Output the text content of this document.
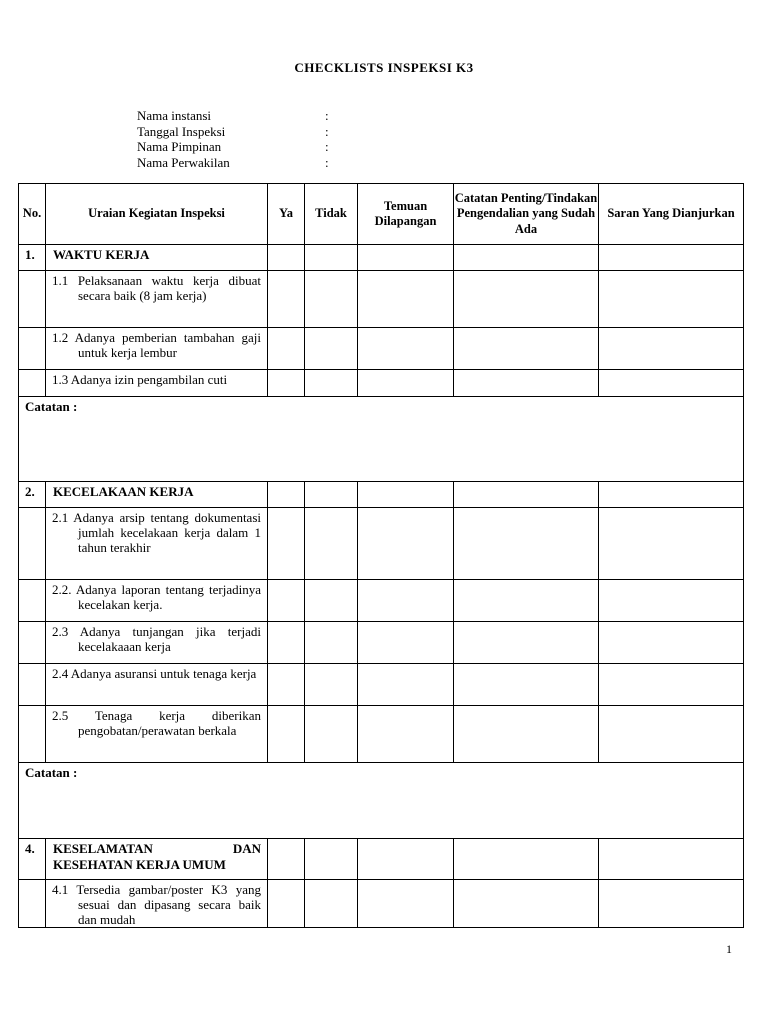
CHECKLISTS INSPEKSI K3
Nama instansi	:
Tanggal Inspeksi	:
Nama Pimpinan	:
Nama Perwakilan	:
No.	Uraian Kegiatan Inspeksi	Ya	Tidak	Temuan Dilapangan	Catatan Penting/Tindakan Pengendalian yang Sudah Ada	Saran Yang Dianjurkan
1.	WAKTU KERJA					

	1.1 Pelaksanaan waktu kerja dibuat secara baik (8 jam kerja)					

	1.2 Adanya pemberian tambahan gaji untuk kerja lembur					

	1.3 Adanya izin pengambilan cuti					

Catatan :						
2.	KECELAKAAN KERJA					

	2.1 Adanya arsip tentang dokumentasi jumlah kecelakaan kerja dalam 1 tahun terakhir					

	2.2. Adanya laporan tentang terjadinya kecelakan kerja.					

	2.3 Adanya tunjangan jika terjadi kecelakaaan kerja					

	2.4 Adanya asuransi untuk tenaga kerja					

	2.5 Tenaga kerja diberikan pengobatan/perawatan berkala					

Catatan :						
4.	KESELAMATAN DAN KESEHATAN KERJA UMUM					

	4.1 Tersedia gambar/poster K3 yang sesuai dan dipasang secara baik dan mudah					

1
